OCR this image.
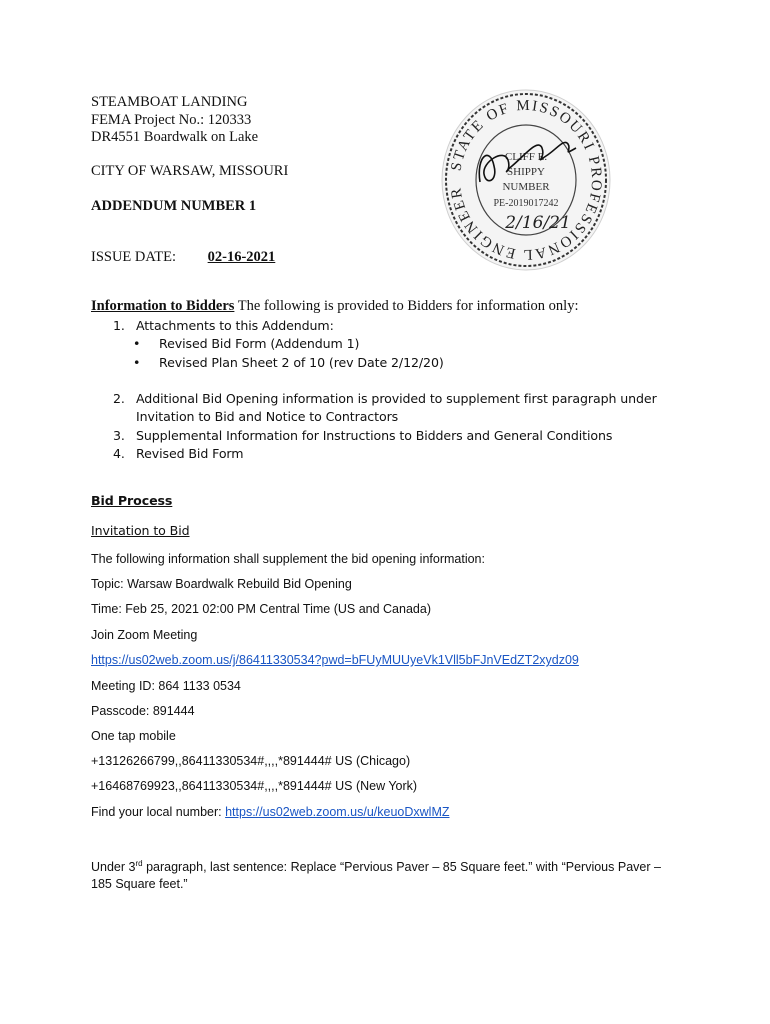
STEAMBOAT LANDING
FEMA Project No.: 120333
DR4551 Boardwalk on Lake
CITY OF WARSAW, MISSOURI
ADDENDUM NUMBER 1
ISSUE DATE: 02-16-2021
STATE OF MISSOURI PROFESSIONAL ENGINEER
CLIFF E.
SHIPPY
NUMBER
PE-2019017242
2/16/21
Information to Bidders The following is provided to Bidders for information only:
1. Attachments to this Addendum:
• Revised Bid Form (Addendum 1)
• Revised Plan Sheet 2 of 10 (rev Date 2/12/20)
2. Additional Bid Opening information is provided to supplement first paragraph under
Invitation to Bid and Notice to Contractors
3. Supplemental Information for Instructions to Bidders and General Conditions
4. Revised Bid Form
Bid Process
Invitation to Bid
The following information shall supplement the bid opening information:
Topic: Warsaw Boardwalk Rebuild Bid Opening
Time: Feb 25, 2021 02:00 PM Central Time (US and Canada)
Join Zoom Meeting
https://us02web.zoom.us/j/86411330534?pwd=bFUyMUUyeVk1Vll5bFJnVEdZT2xydz09
Meeting ID: 864 1133 0534
Passcode: 891444
One tap mobile
+13126266799,,86411330534#,,,,*891444# US (Chicago)
+16468769923,,86411330534#,,,,*891444# US (New York)
Find your local number: https://us02web.zoom.us/u/keuoDxwlMZ
Under 3rd paragraph, last sentence: Replace “Pervious Paver – 85 Square feet.” with “Pervious Paver –
185 Square feet.”
